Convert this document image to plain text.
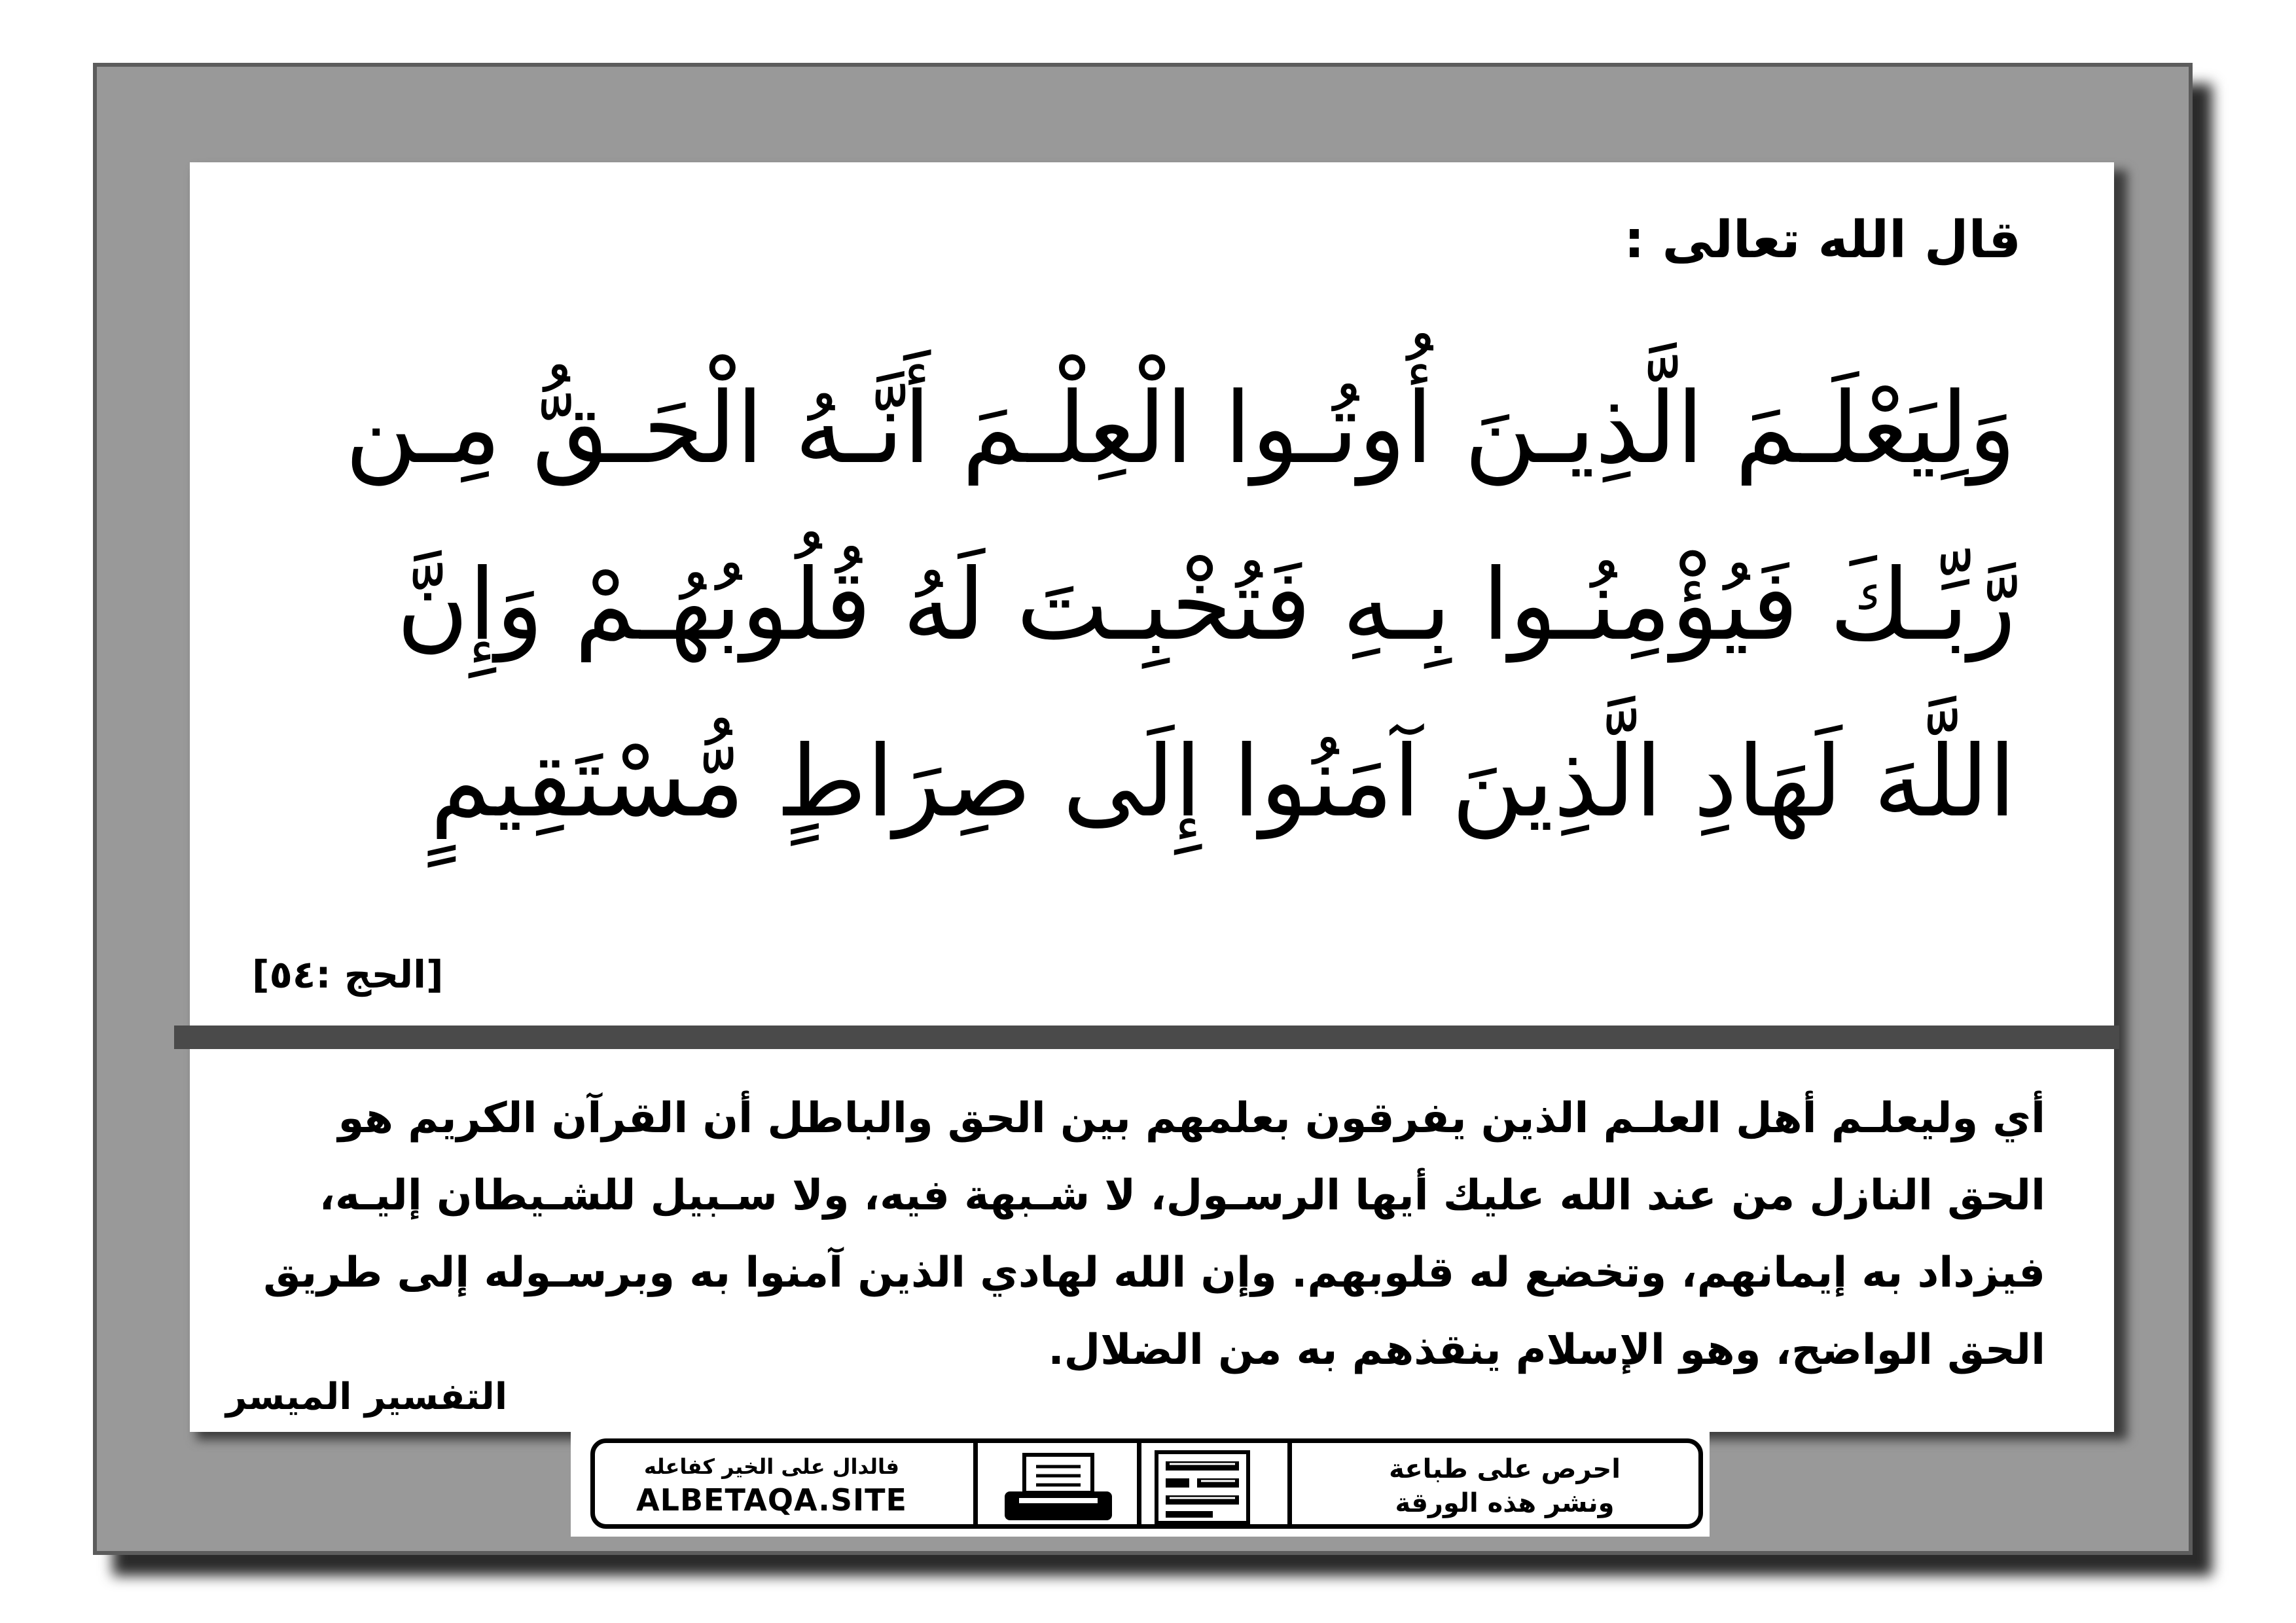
قال الله تعالى :
وَلِيَعْلَـمَ الَّذِيـنَ أُوتُـوا الْعِلْـمَ أَنَّـهُ الْحَـقُّ مِـن
رَّبِّـكَ فَيُؤْمِنُـوا بِـهِ فَتُخْبِـتَ لَهُ قُلُوبُهُـمْ وَإِنَّ
اللَّهَ لَهَادِ الَّذِينَ آمَنُوا إِلَى صِرَاطٍ مُّسْتَقِيمٍ
[الحج :٥٤]
أي وليعلـم أهل العلـم الذين يفرقون بعلمهم بين الحق والباطل أن القرآن الكريم هو الحق النازل من عند الله عليك أيها الرسـول، لا شـبهة فيه، ولا سـبيل للشـيطان إليـه، فيزداد به إيمانهم، وتخضع له قلوبهم. وإن الله لهادي الذين آمنوا به وبرسـوله إلى طريق الحق الواضح، وهو الإسلام ينقذهم به من الضلال.
التفسير الميسر
فالدال على الخير كفاعله
ALBETAQA.SITE
احرص على طباعة
ونشر هذه الورقة
